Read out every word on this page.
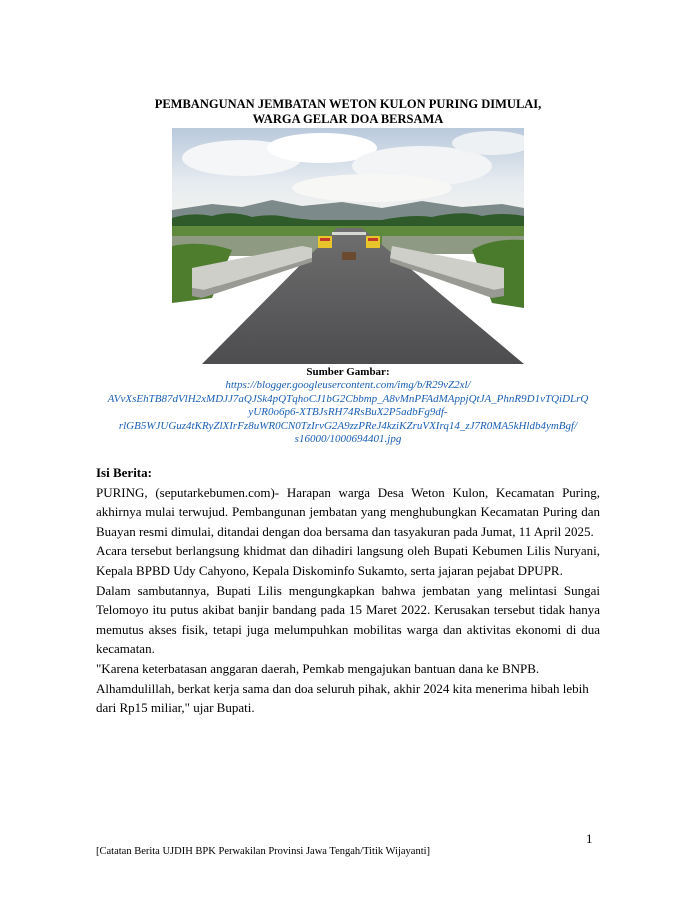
PEMBANGUNAN JEMBATAN WETON KULON PURING DIMULAI,
WARGA GELAR DOA BERSAMA
Sumber Gambar:
https://blogger.googleusercontent.com/img/b/R29vZ2xl/
AVvXsEhTB87dVlH2xMDJJ7aQJSk4pQTqhoCJ1bG2Cbbmp_A8vMnPFAdMAppjQtJA_PhnR9D1vTQiDLrQ
yUR0o6p6-XTBJsRH74RsBuX2P5adbFg9df-
rlGB5WJUGuz4tKRyZlXIrFz8uWR0CN0TzIrvG2A9zzPReJ4kziKZruVXIrq14_zJ7R0MA5kHldb4ymBgf/
s16000/1000694401.jpg
Isi Berita:

PURING, (seputarkebumen.com)- Harapan warga Desa Weton Kulon, Kecamatan Puring, akhirnya mulai terwujud. Pembangunan jembatan yang menghubungkan Kecamatan Puring dan Buayan resmi dimulai, ditandai dengan doa bersama dan tasyakuran pada Jumat, 11 April 2025.

Acara tersebut berlangsung khidmat dan dihadiri langsung oleh Bupati Kebumen Lilis Nuryani, Kepala BPBD Udy Cahyono, Kepala Diskominfo Sukamto, serta jajaran pejabat DPUPR.

Dalam sambutannya, Bupati Lilis mengungkapkan bahwa jembatan yang melintasi Sungai Telomoyo itu putus akibat banjir bandang pada 15 Maret 2022. Kerusakan tersebut tidak hanya memutus akses fisik, tetapi juga melumpuhkan mobilitas warga dan aktivitas ekonomi di dua kecamatan.

"Karena keterbatasan anggaran daerah, Pemkab mengajukan bantuan dana ke BNPB. Alhamdulillah, berkat kerja sama dan doa seluruh pihak, akhir 2024 kita menerima hibah lebih dari Rp15 miliar," ujar Bupati.

1
[Catatan Berita UJDIH BPK Perwakilan Provinsi Jawa Tengah/Titik Wijayanti]
